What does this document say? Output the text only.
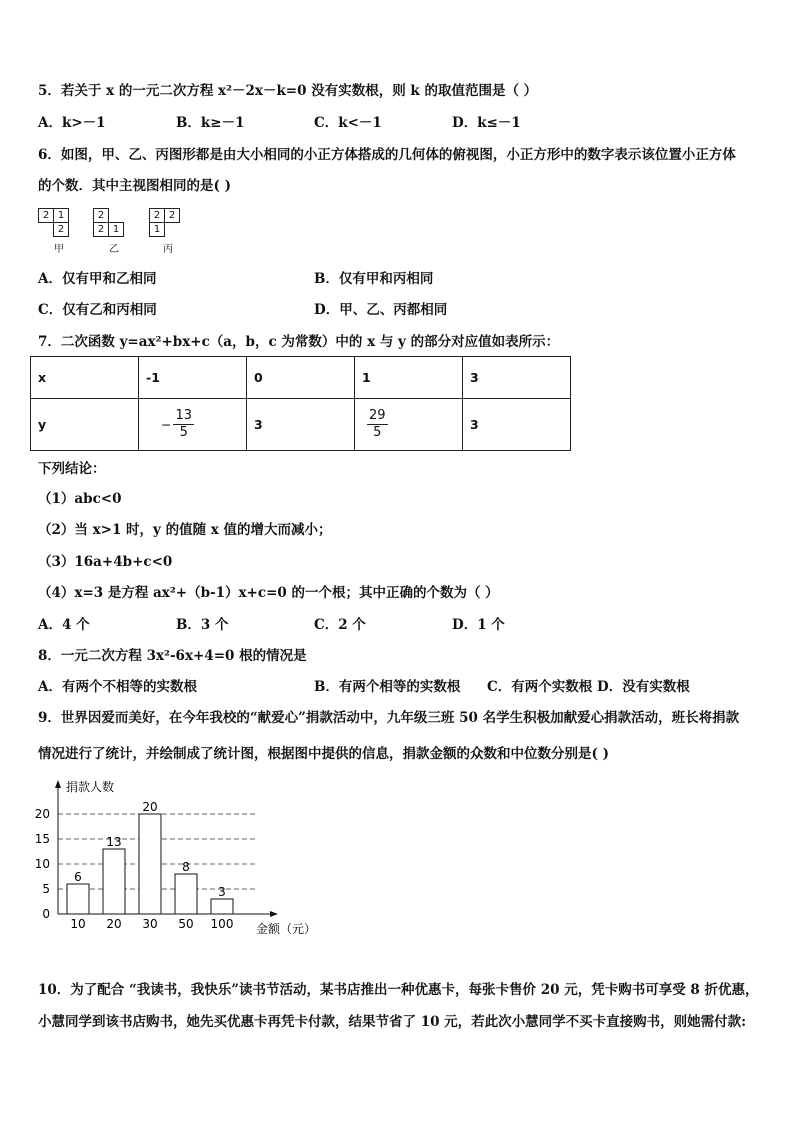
5．若关于 x 的一元二次方程 x²－2x－k=0 没有实数根，则 k 的取值范围是（ ）
A．k>－1	B．k≥－1	C．k<－1	D．k≤－1
6．如图，甲、乙、丙图形都是由大小相同的小正方体搭成的几何体的俯视图，小正方形中的数字表示该位置小正方体
的个数．其中主视图相同的是( )
2 1
2
甲
2
2 1
乙
2 2
1
丙
A．仅有甲和乙相同	B．仅有甲和丙相同
C．仅有乙和丙相同	D．甲、乙、丙都相同
7．二次函数 y=ax²+bx+c（a，b，c 为常数）中的 x 与 y 的部分对应值如表所示：
x	-1	0	1	3
y	− $\frac{13}{5}$	3	$\frac{29}{5}$	3
下列结论：
（1）abc<0
（2）当 x>1 时，y 的值随 x 值的增大而减小；
（3）16a+4b+c<0
（4）x=3 是方程 ax²+（b-1）x+c=0 的一个根；其中正确的个数为（ ）
A．4 个	B．3 个	C．2 个	D．1 个
8．一元二次方程 3x²-6x+4=0 根的情况是
A．有两个不相等的实数根	B．有两个相等的实数根 C．有两个实数根 D．没有实数根
9．世界因爱而美好，在今年我校的“献爱心”捐款活动中，九年级三班 50 名学生积极加献爱心捐款活动，班长将捐款
情况进行了统计，并绘制成了统计图，根据图中提供的信息，捐款金额的众数和中位数分别是( )
捐款人数
金额（元）
0
5
10
15
20
10 20 30 50 100
6
13
20
8
3
10．为了配合 “我读书，我快乐”读书节活动，某书店推出一种优惠卡，每张卡售价 20 元，凭卡购书可享受 8 折优惠，
小慧同学到该书店购书，她先买优惠卡再凭卡付款，结果节省了 10 元，若此次小慧同学不买卡直接购书，则她需付款:
